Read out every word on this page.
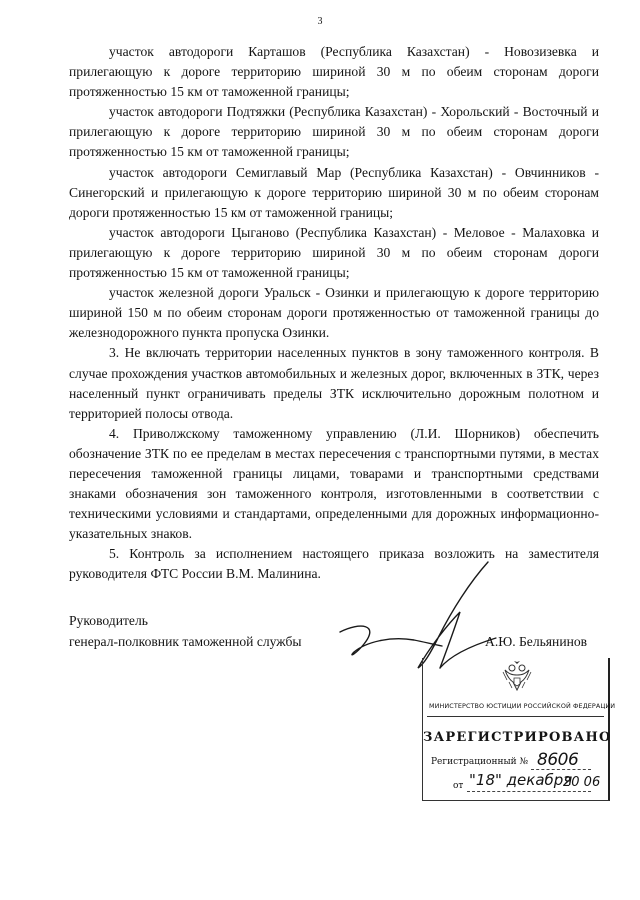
3

участок автодороги Карташов (Республика Казахстан) - Новозизевка и прилегающую к дороге территорию шириной 30 м по обеим сторонам дороги протяженностью 15 км от таможенной границы;

участок автодороги Подтяжки (Республика Казахстан) - Хорольский - Восточный и прилегающую к дороге территорию шириной 30 м по обеим сторонам дороги протяженностью 15 км от таможенной границы;

участок автодороги Семиглавый Мар (Республика Казахстан) - Овчинников - Синегорский и прилегающую к дороге территорию шириной 30 м по обеим сторонам дороги протяженностью 15 км от таможенной границы;

участок автодороги Цыганово (Республика Казахстан) - Меловое - Малаховка и прилегающую к дороге территорию шириной 30 м по обеим сторонам дороги протяженностью 15 км от таможенной границы;

участок железной дороги Уральск - Озинки и прилегающую к дороге территорию шириной 150 м по обеим сторонам дороги протяженностью от таможенной границы до железнодорожного пункта пропуска Озинки.

3. Не включать территории населенных пунктов в зону таможенного контроля. В случае прохождения участков автомобильных и железных дорог, включенных в ЗТК, через населенный пункт ограничивать пределы ЗТК исключительно дорожным полотном и территорией полосы отвода.

4. Приволжскому таможенному управлению (Л.И. Шорников) обеспечить обозначение ЗТК по ее пределам в местах пересечения с транспортными путями, в местах пересечения таможенной границы лицами, товарами и транспортными средствами знаками обозначения зон таможенного контроля, изготовленными в соответствии с техническими условиями и стандартами, определенными для дорожных информационно-указательных знаков.

5. Контроль за исполнением настоящего приказа возложить на заместителя руководителя ФТС России В.М. Малинина.

Руководитель
генерал-полковник таможенной службы	А.Ю. Бельянинов
МИНИСТЕРСТВО ЮСТИЦИИ РОССИЙСКОЙ ФЕДЕРАЦИИ
ЗАРЕГИСТРИРОВАНО
Регистрационный № 8606
от "18" декабря
20 06
